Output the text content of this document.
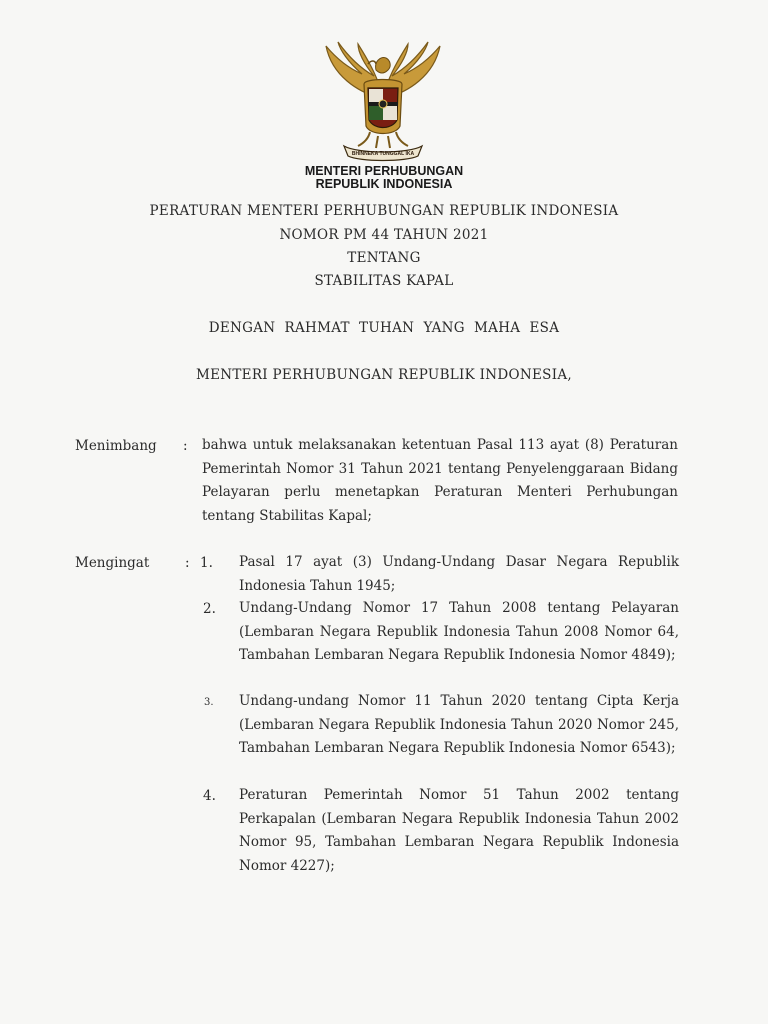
BHINNEKA TUNGGAL IKA
MENTERI PERHUBUNGAN
REPUBLIK INDONESIA
PERATURAN MENTERI PERHUBUNGAN REPUBLIK INDONESIA
NOMOR PM 44 TAHUN 2021
TENTANG
STABILITAS KAPAL
DENGAN  RAHMAT  TUHAN  YANG  MAHA  ESA
MENTERI PERHUBUNGAN REPUBLIK INDONESIA,
Menimbang : bahwa untuk melaksanakan ketentuan Pasal 113 ayat (8) Peraturan Pemerintah Nomor 31 Tahun 2021 tentang Penyelenggaraan Bidang Pelayaran perlu menetapkan Peraturan Menteri Perhubungan tentang Stabilitas Kapal;
Mengingat	: 1. Pasal 17 ayat (3) Undang-Undang Dasar Negara Republik Indonesia Tahun 1945;
2. Undang-Undang Nomor 17 Tahun 2008 tentang Pelayaran (Lembaran Negara Republik Indonesia Tahun 2008 Nomor 64, Tambahan Lembaran Negara Republik Indonesia Nomor 4849);
3. Undang-undang Nomor 11 Tahun 2020 tentang Cipta Kerja (Lembaran Negara Republik Indonesia Tahun 2020 Nomor 245, Tambahan Lembaran Negara Republik Indonesia Nomor 6543);
4. Peraturan Pemerintah Nomor 51 Tahun 2002 tentang Perkapalan (Lembaran Negara Republik Indonesia Tahun 2002 Nomor 95, Tambahan Lembaran Negara Republik Indonesia Nomor 4227);
